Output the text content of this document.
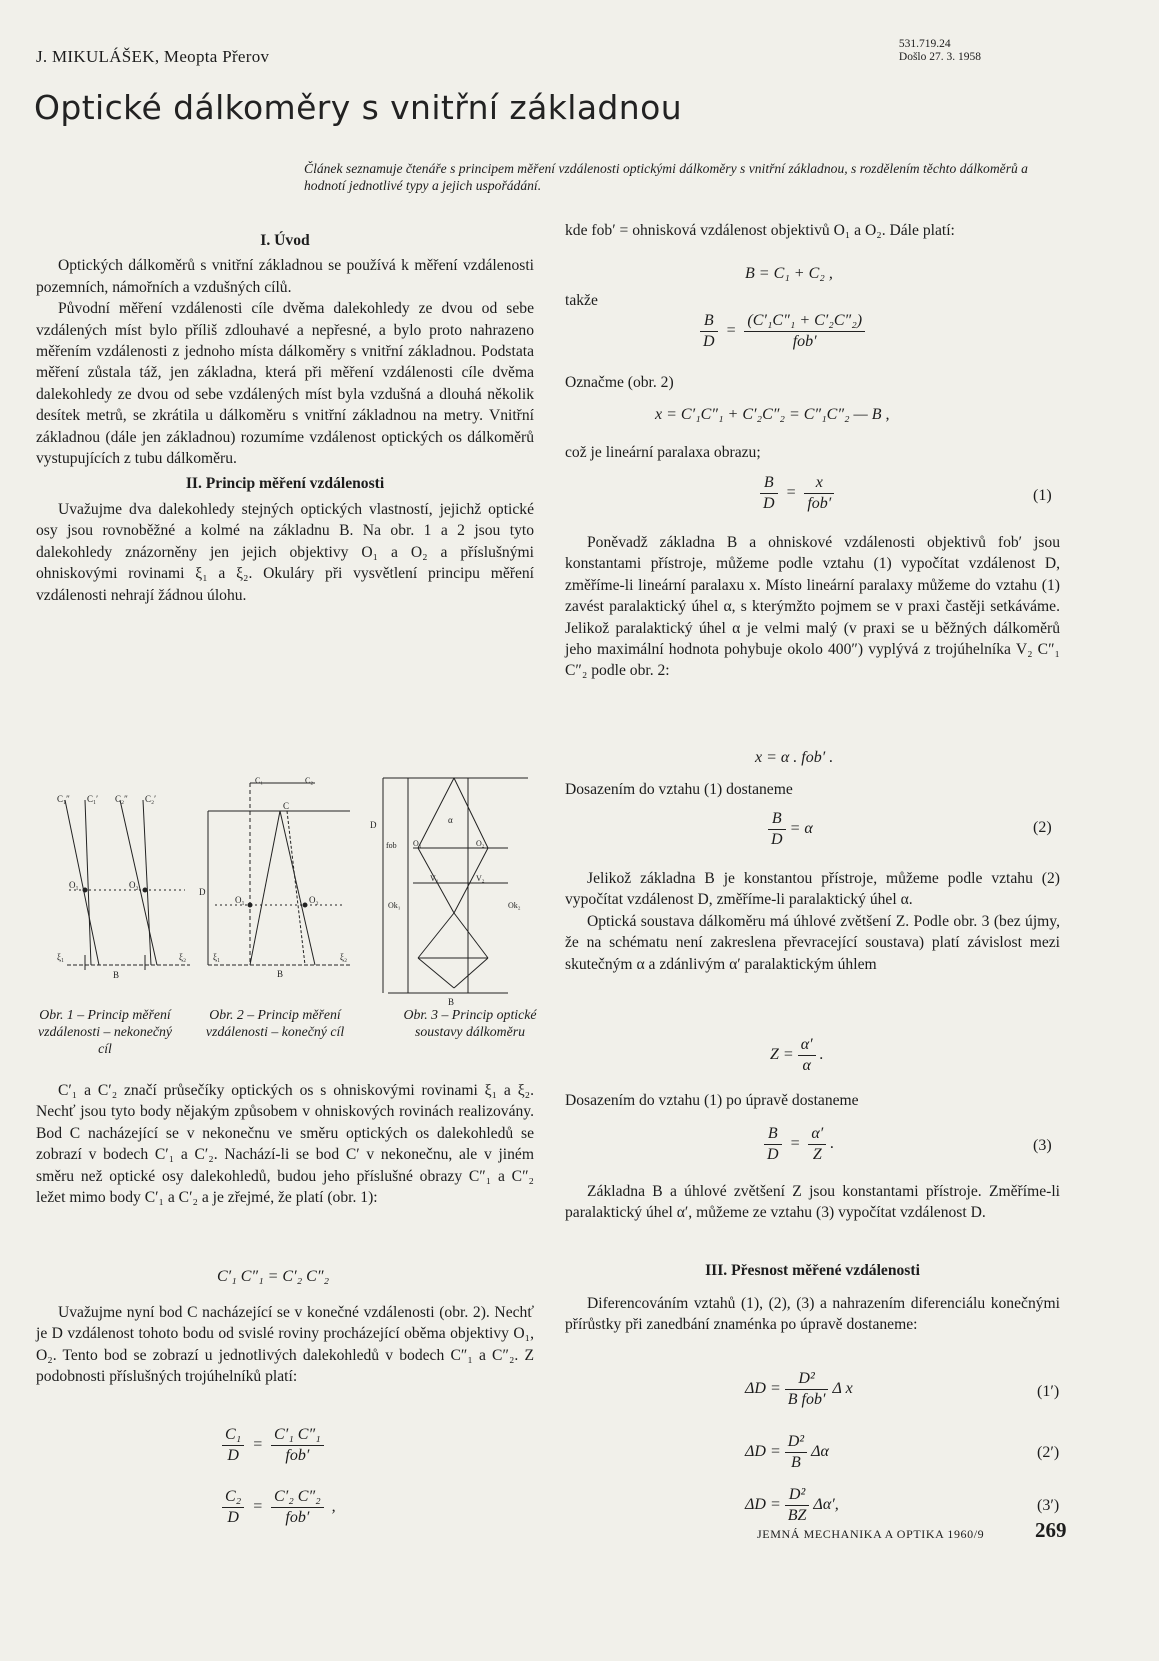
J. MIKULÁŠEK, Meopta Přerov
531.719.24
Došlo 27. 3. 1958
Optické dálkoměry s vnitřní základnou
Článek seznamuje čtenáře s principem měření vzdálenosti optickými dálkoměry s vnitřní základnou, s rozdělením těchto dálkoměrů a hodnotí jednotlivé typy a jejich uspořádání.
I. Úvod

Optických dálkoměrů s vnitřní základnou se používá k měření vzdálenosti pozemních, námořních a vzdušných cílů.

Původní měření vzdálenosti cíle dvěma dalekohledy ze dvou od sebe vzdálených míst bylo příliš zdlouhavé a nepřesné, a bylo proto nahrazeno měřením vzdálenosti z jednoho místa dálkoměry s vnitřní základnou. Podstata měření zůstala táž, jen základna, která při měření vzdálenosti cíle dvěma dalekohledy ze dvou od sebe vzdálených míst byla vzdušná a dlouhá několik desítek metrů, se zkrátila u dálkoměru s vnitřní základnou na metry. Vnitřní základnou (dále jen základnou) rozumíme vzdálenost optických os dálkoměrů vystupujících z tubu dálkoměru.

II. Princip měření vzdálenosti

Uvažujme dva dalekohledy stejných optických vlastností, jejichž optické osy jsou rovnoběžné a kolmé na základnu B. Na obr. 1 a 2 jsou tyto dalekohledy znázorněny jen jejich objektivy O₁ a O₂ a příslušnými ohniskovými rovinami ξ₁ a ξ₂. Okuláry při vysvětlení principu měření vzdálenosti nehrají žádnou úlohu.

C₁″ C₁′ C₂″ C₂′
O₁	O₂
ξ₁	ξ₂
B
C₁	C₂
C
D
O₁	O₂
ξ₁	ξ₂
B
D
fob O₁	O₂
V₁	V₂
Ok₁	Ok₂
α
B
Obr. 1 – Princip měření vzdálenosti – nekonečný cíl
Obr. 2 – Princip měření vzdálenosti – konečný cíl
Obr. 3 – Princip optické soustavy dálkoměru

C′₁ a C′₂ značí průsečíky optických os s ohniskovými rovinami ξ₁ a ξ₂. Nechť jsou tyto body nějakým způsobem v ohniskových rovinách realizovány. Bod C nacházející se v nekonečnu ve směru optických os dalekohledů se zobrazí v bodech C′₁ a C′₂. Nachází-li se bod C′ v nekonečnu, ale v jiném směru než optické osy dalekohledů, budou jeho příslušné obrazy C″₁ a C″₂ ležet mimo body C′₁ a C′₂ a je zřejmé, že platí (obr. 1):

C′₁ C″₁ = C′₂ C″₂

Uvažujme nyní bod C nacházející se v konečné vzdálenosti (obr. 2). Nechť je D vzdálenost tohoto bodu od svislé roviny procházející oběma objektivy O₁, O₂. Tento bod se zobrazí u jednotlivých dalekohledů v bodech C″₁ a C″₂. Z podobnosti příslušných trojúhelníků platí:

$\frac{\text{C₁}}{D} = \frac{\text{C′₁ C″₁}}{\text{fob′}}$
$\frac{\text{C₂}}{D} = \frac{\text{C′₂ C″₂}}{\text{fob′}}$ ,
kde fob′ = ohnisková vzdálenost objektivů O₁ a O₂. Dále platí:
B = C₁ + C₂ ,
takže
$\frac{B}{D} = \frac{\text{(C′₁C″₁ + C′₂C″₂)}}{\text{fob′}}$
Označme (obr. 2)
x = C′₁C″₁ + C′₂C″₂ = C″₁C″₂ — B ,
což je lineární paralaxa obrazu;
$\frac{B}{D} = \frac{x}{\text{fob′}}$	(1)

Poněvadž základna B a ohniskové vzdálenosti objektivů fob′ jsou konstantami přístroje, můžeme podle vztahu (1) vypočítat vzdálenost D, změříme-li lineární paralaxu x. Místo lineární paralaxy můžeme do vztahu (1) zavést paralaktický úhel α, s kterýmžto pojmem se v praxi častěji setkáváme. Jelikož paralaktický úhel α je velmi malý (v praxi se u běžných dálkoměrů jeho maximální hodnota pohybuje okolo 400″) vyplývá z trojúhelníka V₂ C″₁ C″₂ podle obr. 2:

x = α . fob′ .
Dosazením do vztahu (1) dostaneme
$\frac{B}{D} = \alpha$	(2)

Jelikož základna B je konstantou přístroje, můžeme podle vztahu (2) vypočítat vzdálenost D, změříme-li paralaktický úhel α.

Optická soustava dálkoměru má úhlové zvětšení Z. Podle obr. 3 (bez újmy, že na schématu není zakreslena převracející soustava) platí závislost mezi skutečným α a zdánlivým α′ paralaktickým úhlem

$Z = \frac{\alpha'}{\alpha}$ .
Dosazením do vztahu (1) po úpravě dostaneme
$\frac{B}{D} = \frac{\alpha'}{Z}$ .	(3)

Základna B a úhlové zvětšení Z jsou konstantami přístroje. Změříme-li paralaktický úhel α′, můžeme ze vztahu (3) vypočítat vzdálenost D.

III. Přesnost měřené vzdálenosti

Diferencováním vztahů (1), (2), (3) a nahrazením diferenciálu konečnými přírůstky při zanedbání znaménka po úpravě dostaneme:

$\Delta D = \frac{\text{D²}}{\text{B fob′}}$ Δ x	(1′)
$\Delta D = \frac{\text{D²}}{B}$ Δα	(2′)
$\Delta D = \frac{\text{D²}}{BZ} \Delta\alpha'$,	(3′)
JEMNÁ MECHANIKA A OPTIKA 1960/9 269
